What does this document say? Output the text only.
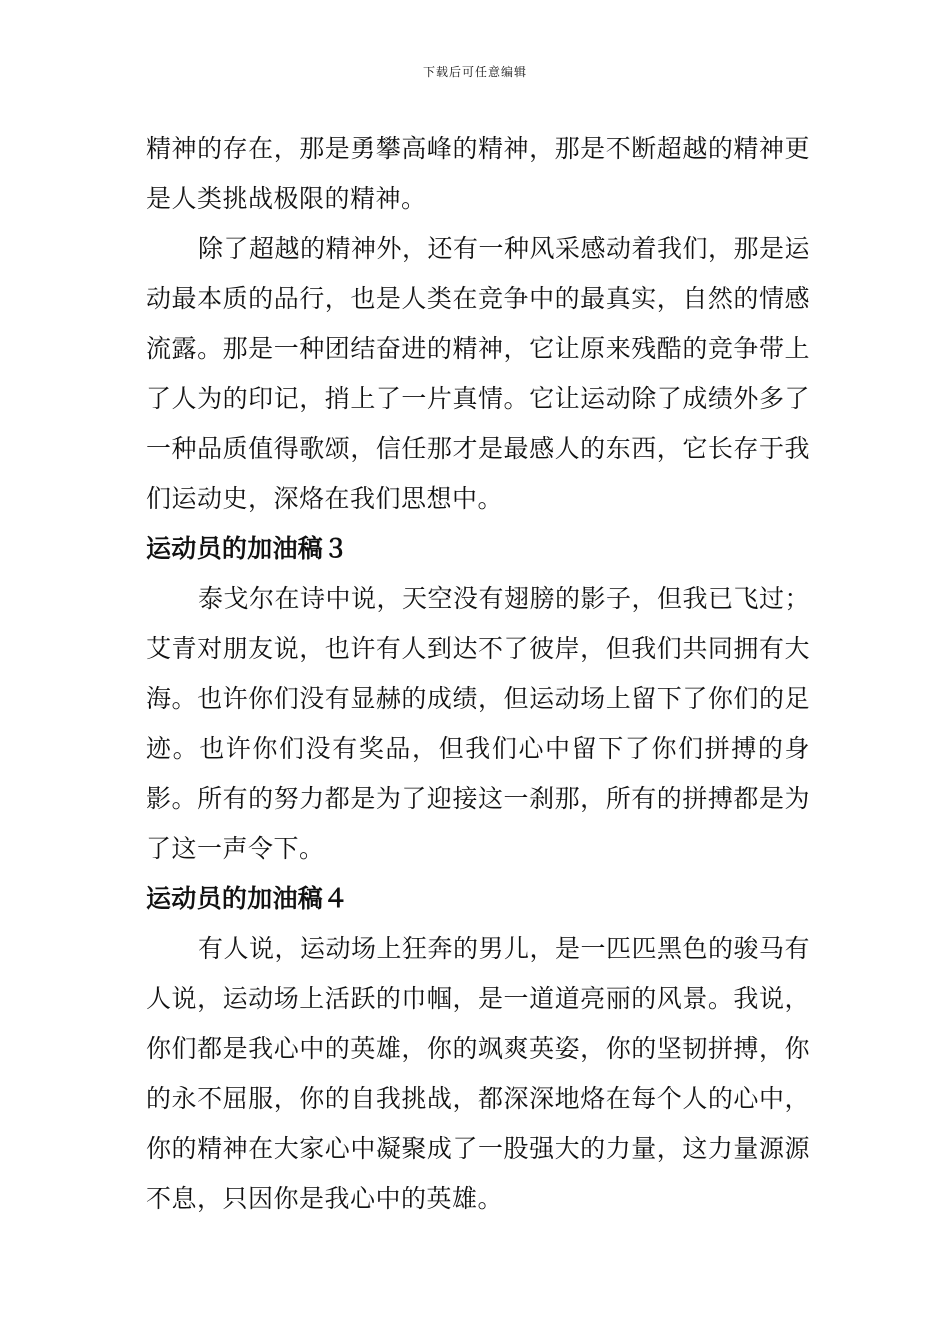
下载后可任意编辑

精神的存在，那是勇攀高峰的精神，那是不断超越的精神更是人类挑战极限的精神。

除了超越的精神外，还有一种风采感动着我们，那是运动最本质的品行，也是人类在竞争中的最真实，自然的情感流露。那是一种团结奋进的精神，它让原来残酷的竞争带上了人为的印记，捎上了一片真情。它让运动除了成绩外多了一种品质值得歌颂，信任那才是最感人的东西，它长存于我们运动史，深烙在我们思想中。

运动员的加油稿３

泰戈尔在诗中说，天空没有翅膀的影子，但我已飞过；艾青对朋友说，也许有人到达不了彼岸，但我们共同拥有大海。也许你们没有显赫的成绩，但运动场上留下了你们的足迹。也许你们没有奖品，但我们心中留下了你们拼搏的身影。所有的努力都是为了迎接这一刹那，所有的拼搏都是为了这一声令下。

运动员的加油稿４

有人说，运动场上狂奔的男儿，是一匹匹黑色的骏马有人说，运动场上活跃的巾帼，是一道道亮丽的风景。我说，你们都是我心中的英雄，你的飒爽英姿，你的坚韧拼搏，你的永不屈服，你的自我挑战，都深深地烙在每个人的心中，你的精神在大家心中凝聚成了一股强大的力量，这力量源源不息，只因你是我心中的英雄。
